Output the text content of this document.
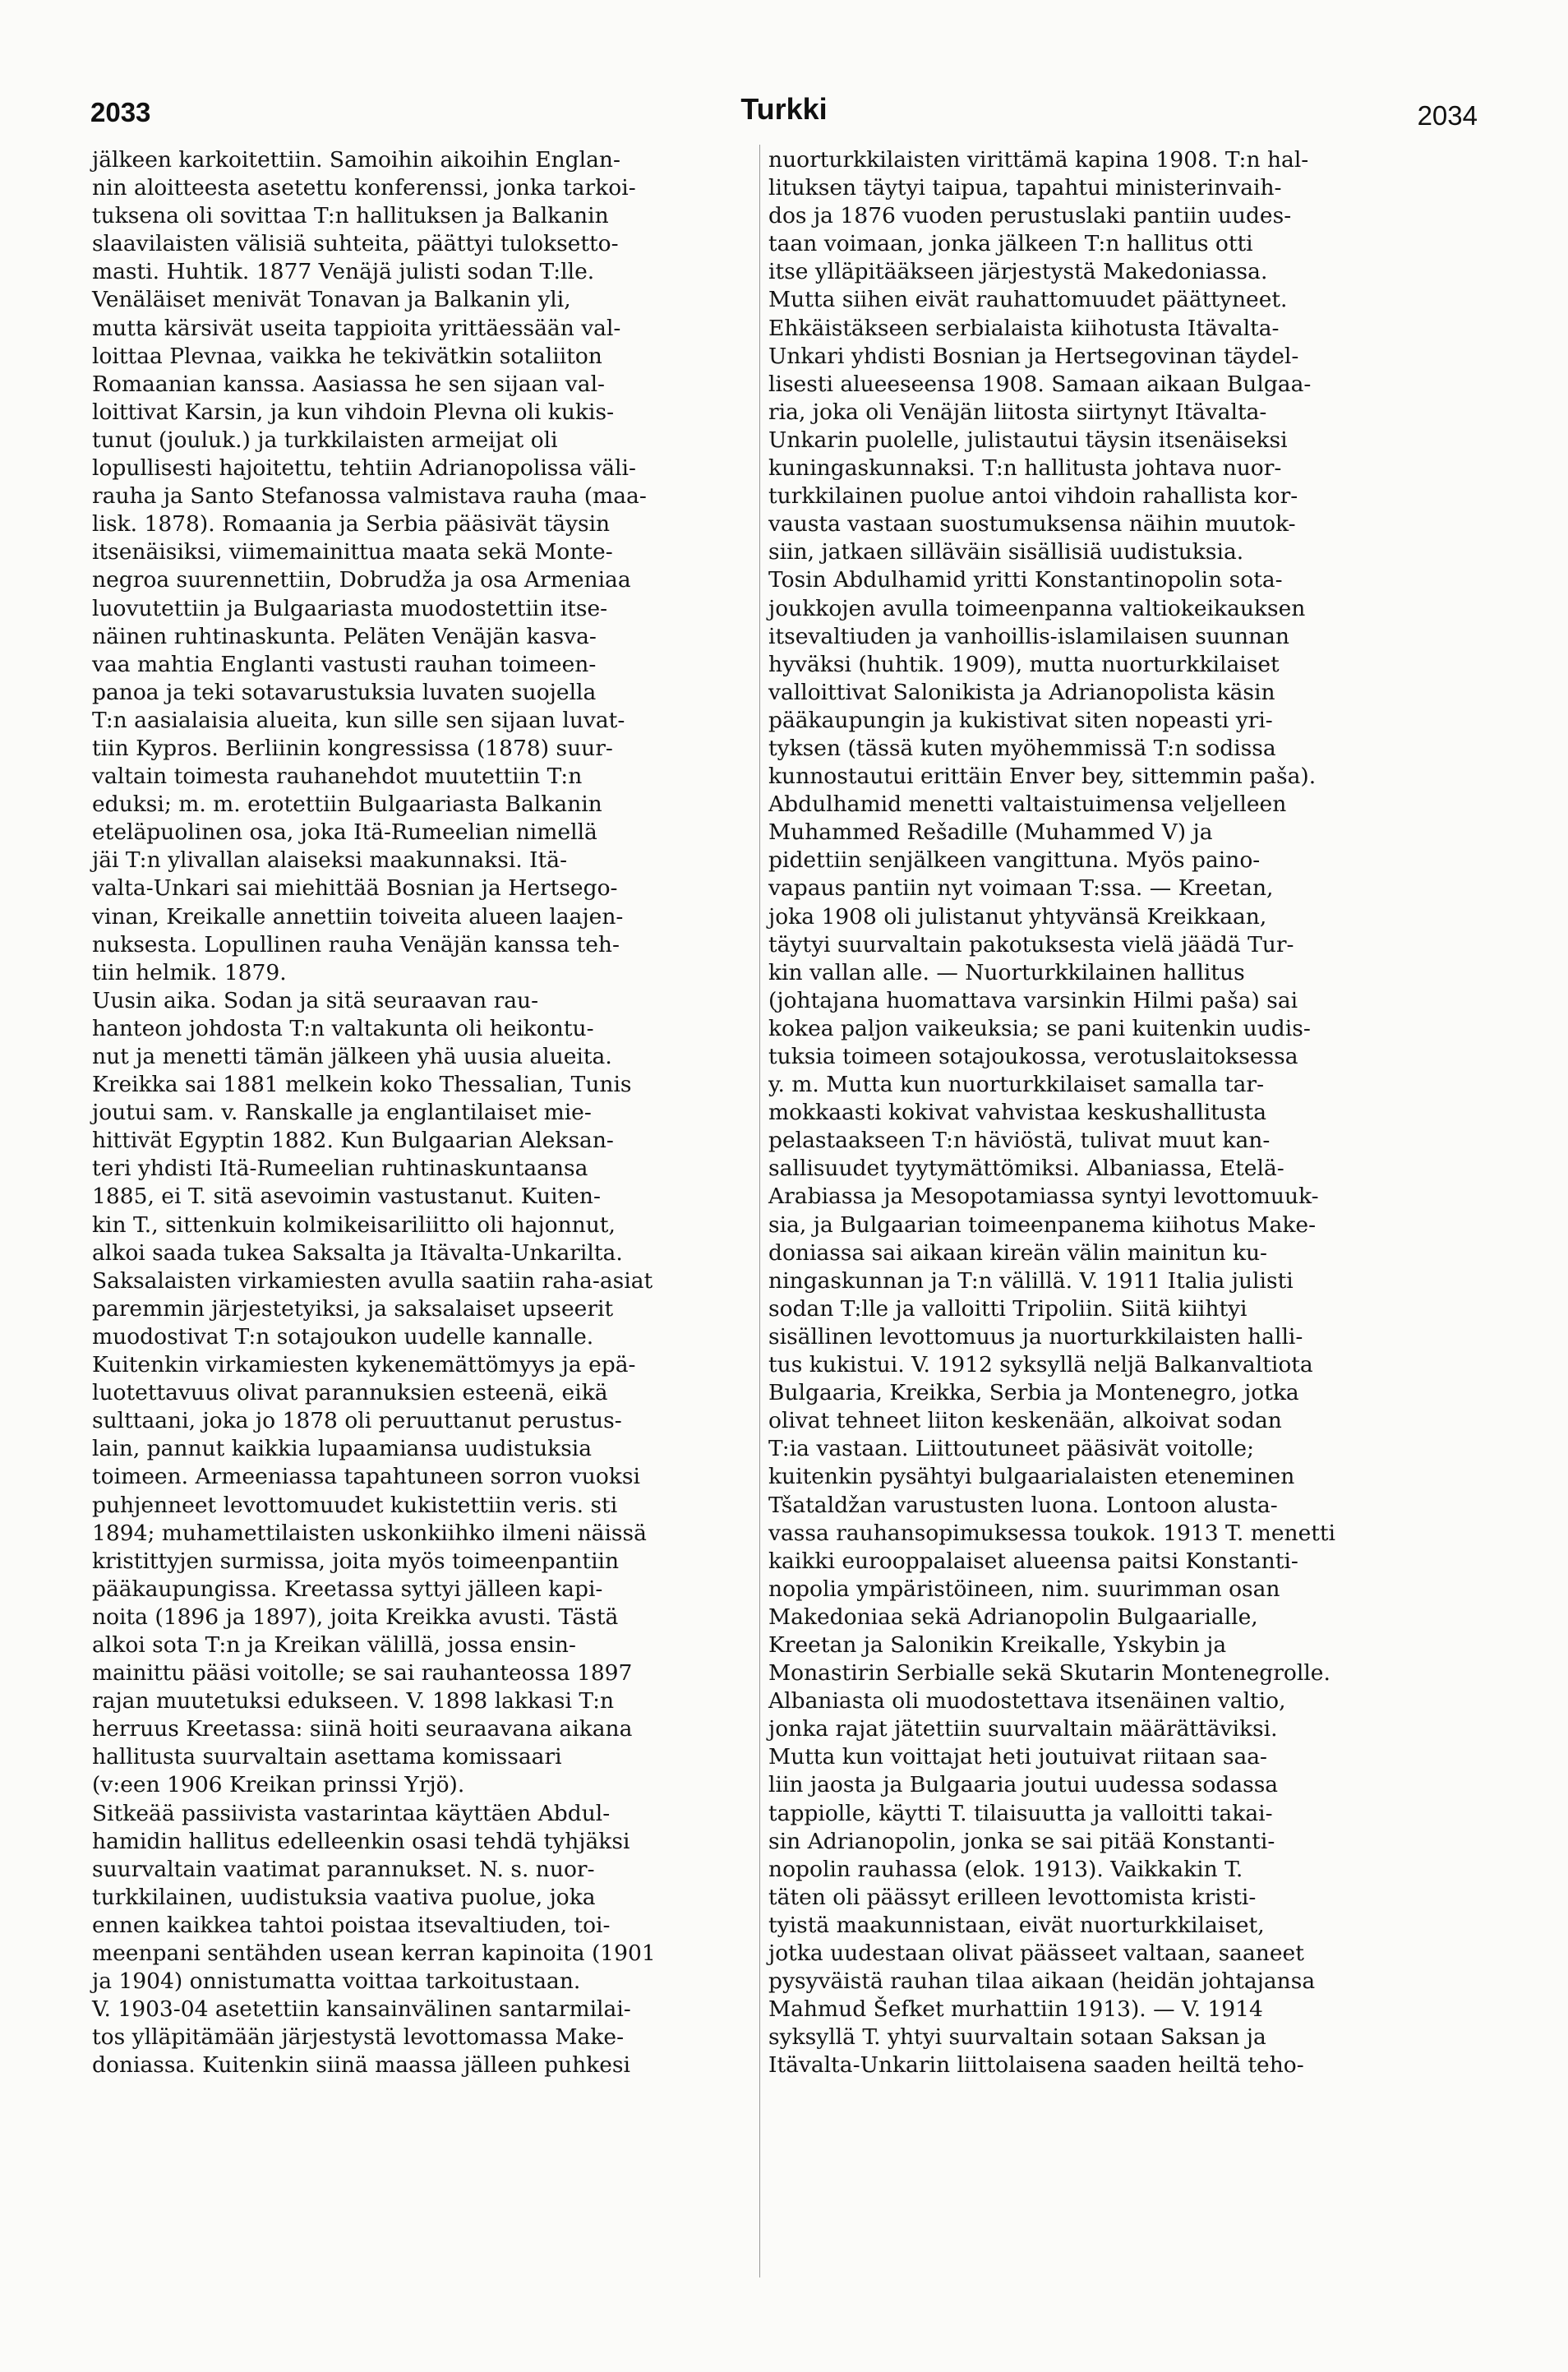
2033	Turkki	2034
jälkeen karkoitettiin. Samoihin aikoihin Englan-
nin aloitteesta asetettu konferenssi, jonka tarkoi-
tuksena oli sovittaa T:n hallituksen ja Balkanin
slaavilaisten välisiä suhteita, päättyi tuloksetto-
masti. Huhtik. 1877 Venäjä julisti sodan T:lle.
Venäläiset menivät Tonavan ja Balkanin yli,
mutta kärsivät useita tappioita yrittäessään val-
loittaa Plevnaa, vaikka he tekivätkin sotaliiton
Romaanian kanssa. Aasiassa he sen sijaan val-
loittivat Karsin, ja kun vihdoin Plevna oli kukis-
tunut (jouluk.) ja turkkilaisten armeijat oli
lopullisesti hajoitettu, tehtiin Adrianopolissa väli-
rauha ja Santo Stefanossa valmistava rauha (maa-
lisk. 1878). Romaania ja Serbia pääsivät täysin
itsenäisiksi, viimemainittua maata sekä Monte-
negroa suurennettiin, Dobrudža ja osa Armeniaa
luovutettiin ja Bulgaariasta muodostettiin itse-
näinen ruhtinaskunta. Peläten Venäjän kasva-
vaa mahtia Englanti vastusti rauhan toimeen-
panoa ja teki sotavarustuksia luvaten suojella
T:n aasialaisia alueita, kun sille sen sijaan luvat-
tiin Kypros. Berliinin kongressissa (1878) suur-
valtain toimesta rauhanehdot muutettiin T:n
eduksi; m. m. erotettiin Bulgaariasta Balkanin
eteläpuolinen osa, joka Itä-Rumeelian nimellä
jäi T:n ylivallan alaiseksi maakunnaksi. Itä-
valta-Unkari sai miehittää Bosnian ja Hertsego-
vinan, Kreikalle annettiin toiveita alueen laajen-
nuksesta. Lopullinen rauha Venäjän kanssa teh-
tiin helmik. 1879.
Uusin aika. Sodan ja sitä seuraavan rau-
hanteon johdosta T:n valtakunta oli heikontu-
nut ja menetti tämän jälkeen yhä uusia alueita.
Kreikka sai 1881 melkein koko Thessalian, Tunis
joutui sam. v. Ranskalle ja englantilaiset mie-
hittivät Egyptin 1882. Kun Bulgaarian Aleksan-
teri yhdisti Itä-Rumeelian ruhtinaskuntaansa
1885, ei T. sitä asevoimin vastustanut. Kuiten-
kin T., sittenkuin kolmikeisariliitto oli hajonnut,
alkoi saada tukea Saksalta ja Itävalta-Unkarilta.
Saksalaisten virkamiesten avulla saatiin raha-asiat
paremmin järjestetyiksi, ja saksalaiset upseerit
muodostivat T:n sotajoukon uudelle kannalle.
Kuitenkin virkamiesten kykenemättömyys ja epä-
luotettavuus olivat parannuksien esteenä, eikä
sulttaani, joka jo 1878 oli peruuttanut perustus-
lain, pannut kaikkia lupaamiansa uudistuksia
toimeen. Armeeniassa tapahtuneen sorron vuoksi
puhjenneet levottomuudet kukistettiin veris. sti
1894; muhamettilaisten uskonkiihko ilmeni näissä
kristittyjen surmissa, joita myös toimeenpantiin
pääkaupungissa. Kreetassa syttyi jälleen kapi-
noita (1896 ja 1897), joita Kreikka avusti. Tästä
alkoi sota T:n ja Kreikan välillä, jossa ensin-
mainittu pääsi voitolle; se sai rauhanteossa 1897
rajan muutetuksi edukseen. V. 1898 lakkasi T:n
herruus Kreetassa: siinä hoiti seuraavana aikana
hallitusta suurvaltain asettama komissaari
(v:een 1906 Kreikan prinssi Yrjö).
Sitkeää passiivista vastarintaa käyttäen Abdul-
hamidin hallitus edelleenkin osasi tehdä tyhjäksi
suurvaltain vaatimat parannukset. N. s. nuor-
turkkilainen, uudistuksia vaativa puolue, joka
ennen kaikkea tahtoi poistaa itsevaltiuden, toi-
meenpani sentähden usean kerran kapinoita (1901
ja 1904) onnistumatta voittaa tarkoitustaan.
V. 1903-04 asetettiin kansainvälinen santarmilai-
tos ylläpitämään järjestystä levottomassa Make-
doniassa. Kuitenkin siinä maassa jälleen puhkesi
nuorturkkilaisten virittämä kapina 1908. T:n hal-
lituksen täytyi taipua, tapahtui ministerinvaih-
dos ja 1876 vuoden perustuslaki pantiin uudes-
taan voimaan, jonka jälkeen T:n hallitus otti
itse ylläpitääkseen järjestystä Makedoniassa.
Mutta siihen eivät rauhattomuudet päättyneet.
Ehkäistäkseen serbialaista kiihotusta Itävalta-
Unkari yhdisti Bosnian ja Hertsegovinan täydel-
lisesti alueeseensa 1908. Samaan aikaan Bulgaa-
ria, joka oli Venäjän liitosta siirtynyt Itävalta-
Unkarin puolelle, julistautui täysin itsenäiseksi
kuningaskunnaksi. T:n hallitusta johtava nuor-
turkkilainen puolue antoi vihdoin rahallista kor-
vausta vastaan suostumuksensa näihin muutok-
siin, jatkaen silläväin sisällisiä uudistuksia.
Tosin Abdulhamid yritti Konstantinopolin sota-
joukkojen avulla toimeenpanna valtiokeikauksen
itsevaltiuden ja vanhoillis-islamilaisen suunnan
hyväksi (huhtik. 1909), mutta nuorturkkilaiset
valloittivat Salonikista ja Adrianopolista käsin
pääkaupungin ja kukistivat siten nopeasti yri-
tyksen (tässä kuten myöhemmissä T:n sodissa
kunnostautui erittäin Enver bey, sittemmin paša).
Abdulhamid menetti valtaistuimensa veljelleen
Muhammed Rešadille (Muhammed V) ja
pidettiin senjälkeen vangittuna. Myös paino-
vapaus pantiin nyt voimaan T:ssa. — Kreetan,
joka 1908 oli julistanut yhtyvänsä Kreikkaan,
täytyi suurvaltain pakotuksesta vielä jäädä Tur-
kin vallan alle. — Nuorturkkilainen hallitus
(johtajana huomattava varsinkin Hilmi paša) sai
kokea paljon vaikeuksia; se pani kuitenkin uudis-
tuksia toimeen sotajoukossa, verotuslaitoksessa
y. m. Mutta kun nuorturkkilaiset samalla tar-
mokkaasti kokivat vahvistaa keskushallitusta
pelastaakseen T:n häviöstä, tulivat muut kan-
sallisuudet tyytymättömiksi. Albaniassa, Etelä-
Arabiassa ja Mesopotamiassa syntyi levottomuuk-
sia, ja Bulgaarian toimeenpanema kiihotus Make-
doniassa sai aikaan kireän välin mainitun ku-
ningaskunnan ja T:n välillä. V. 1911 Italia julisti
sodan T:lle ja valloitti Tripoliin. Siitä kiihtyi
sisällinen levottomuus ja nuorturkkilaisten halli-
tus kukistui. V. 1912 syksyllä neljä Balkanvaltiota
Bulgaaria, Kreikka, Serbia ja Montenegro, jotka
olivat tehneet liiton keskenään, alkoivat sodan
T:ia vastaan. Liittoutuneet pääsivät voitolle;
kuitenkin pysähtyi bulgaarialaisten eteneminen
Tšataldžan varustusten luona. Lontoon alusta-
vassa rauhansopimuksessa toukok. 1913 T. menetti
kaikki eurooppalaiset alueensa paitsi Konstanti-
nopolia ympäristöineen, nim. suurimman osan
Makedoniaa sekä Adrianopolin Bulgaarialle,
Kreetan ja Salonikin Kreikalle, Yskybin ja
Monastirin Serbialle sekä Skutarin Montenegrolle.
Albaniasta oli muodostettava itsenäinen valtio,
jonka rajat jätettiin suurvaltain määrättäviksi.
Mutta kun voittajat heti joutuivat riitaan saa-
liin jaosta ja Bulgaaria joutui uudessa sodassa
tappiolle, käytti T. tilaisuutta ja valloitti takai-
sin Adrianopolin, jonka se sai pitää Konstanti-
nopolin rauhassa (elok. 1913). Vaikkakin T.
täten oli päässyt erilleen levottomista kristi-
tyistä maakunnistaan, eivät nuorturkkilaiset,
jotka uudestaan olivat päässeet valtaan, saaneet
pysyväistä rauhan tilaa aikaan (heidän johtajansa
Mahmud Šefket murhattiin 1913). — V. 1914
syksyllä T. yhtyi suurvaltain sotaan Saksan ja
Itävalta-Unkarin liittolaisena saaden heiltä teho-
